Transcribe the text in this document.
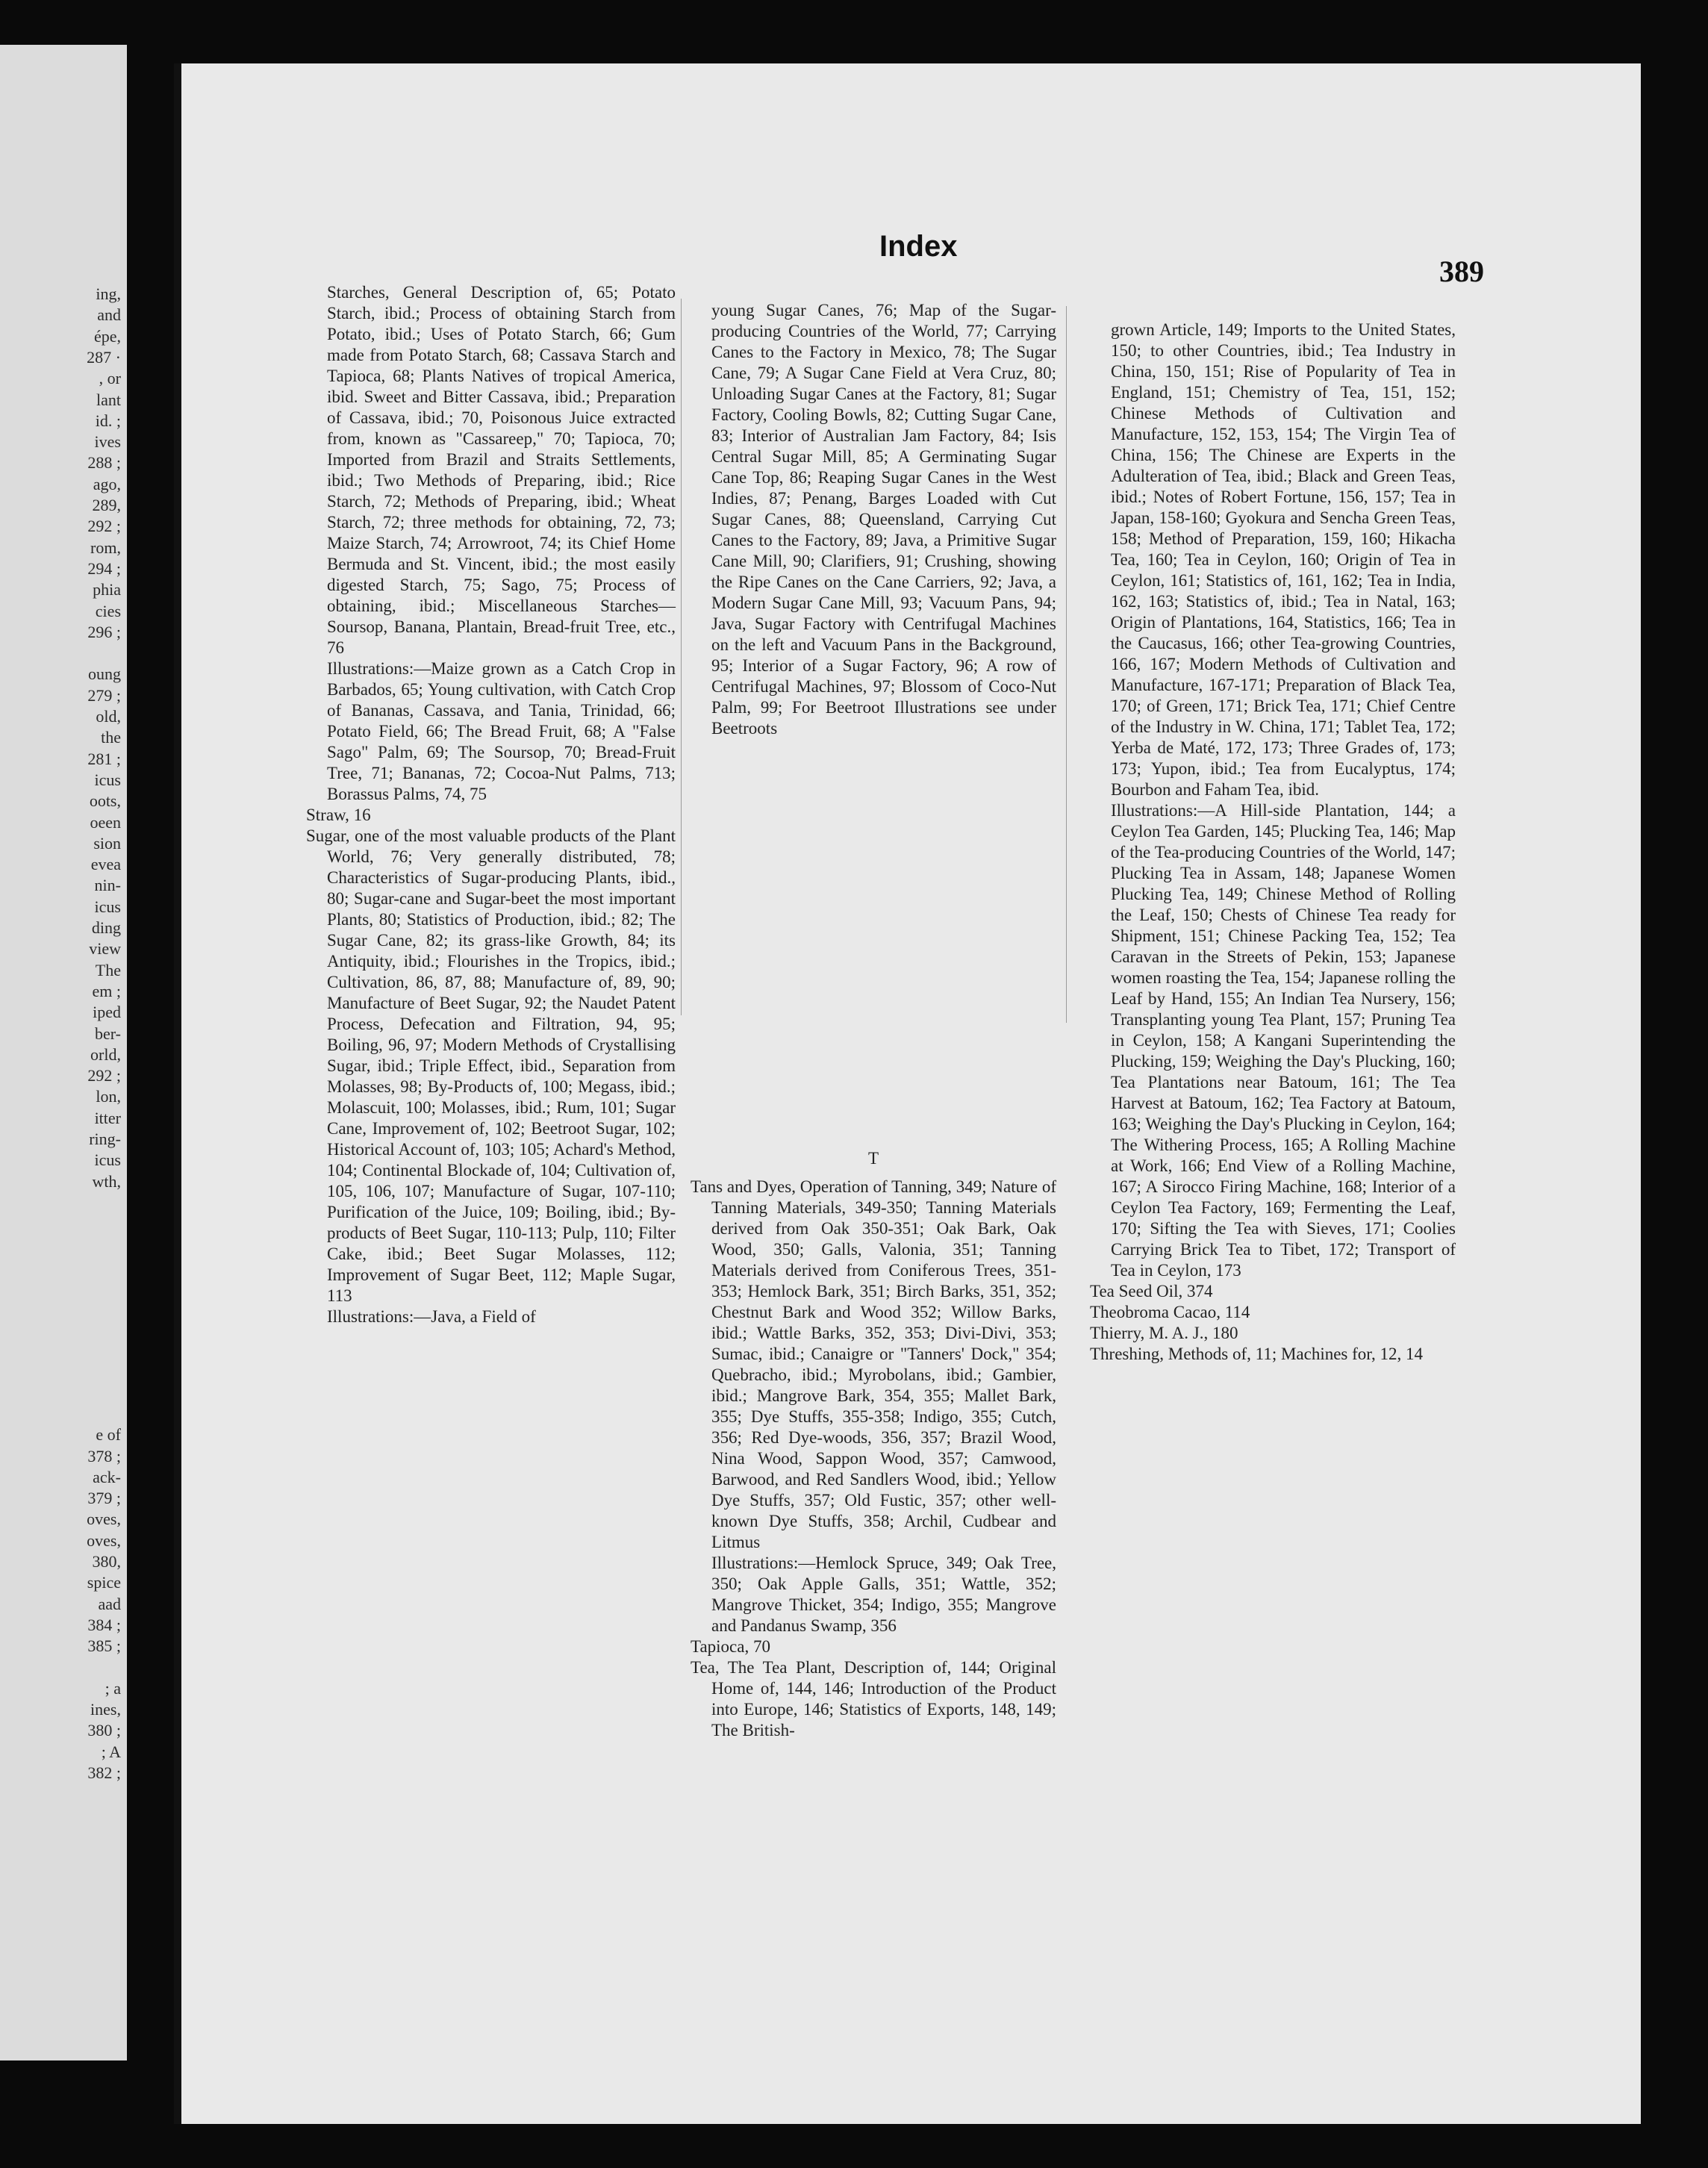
ing,
and
épe,
287 ·
, or
lant
id. ;
ives
288 ;
ago,
289,
292 ;
rom,
294 ;
phia
cies
296 ;
oung
279 ;
old,
the
281 ;
icus
oots,
oeen
sion
evea
nin-
icus
ding
view
The
em ;
iped
ber-
orld,
292 ;
lon,
itter
ring-
icus
wth,
e of
378 ;
ack-
379 ;
oves,
oves,
380,
spice
aad
384 ;
385 ;
; a
ines,
380 ;
; A
382 ;
Index
389

Starches, General Description of, 65; Potato Starch, ibid.; Process of obtaining Starch from Potato, ibid.; Uses of Potato Starch, 66; Gum made from Potato Starch, 68; Cassava Starch and Tapioca, 68; Plants Natives of tropical America, ibid. Sweet and Bitter Cassava, ibid.; Preparation of Cassava, ibid.; 70, Poisonous Juice extracted from, known as "Cassareep," 70; Tapioca, 70; Imported from Brazil and Straits Settlements, ibid.; Two Methods of Preparing, ibid.; Rice Starch, 72; Methods of Preparing, ibid.; Wheat Starch, 72; three methods for obtaining, 72, 73; Maize Starch, 74; Arrowroot, 74; its Chief Home Bermuda and St. Vincent, ibid.; the most easily digested Starch, 75; Sago, 75; Process of obtaining, ibid.; Miscellaneous Starches—Soursop, Banana, Plantain, Bread-fruit Tree, etc., 76

Illustrations:—Maize grown as a Catch Crop in Barbados, 65; Young cultivation, with Catch Crop of Bananas, Cassava, and Tania, Trinidad, 66; Potato Field, 66; The Bread Fruit, 68; A "False Sago" Palm, 69; The Soursop, 70; Bread-Fruit Tree, 71; Bananas, 72; Cocoa-Nut Palms, 713; Borassus Palms, 74, 75

Straw, 16

Sugar, one of the most valuable products of the Plant World, 76; Very generally distributed, 78; Characteristics of Sugar-producing Plants, ibid., 80; Sugar-cane and Sugar-beet the most important Plants, 80; Statistics of Production, ibid.; 82; The Sugar Cane, 82; its grass-like Growth, 84; its Antiquity, ibid.; Flourishes in the Tropics, ibid.; Cultivation, 86, 87, 88; Manufacture of, 89, 90; Manufacture of Beet Sugar, 92; the Naudet Patent Process, Defecation and Filtration, 94, 95; Boiling, 96, 97; Modern Methods of Crystallising Sugar, ibid.; Triple Effect, ibid., Separation from Molasses, 98; By-Products of, 100; Megass, ibid.; Molascuit, 100; Molasses, ibid.; Rum, 101; Sugar Cane, Improvement of, 102; Beetroot Sugar, 102; Historical Account of, 103; 105; Achard's Method, 104; Continental Blockade of, 104; Cultivation of, 105, 106, 107; Manufacture of Sugar, 107-110; Purification of the Juice, 109; Boiling, ibid.; By-products of Beet Sugar, 110-113; Pulp, 110; Filter Cake, ibid.; Beet Sugar Molasses, 112; Improvement of Sugar Beet, 112; Maple Sugar, 113

Illustrations:—Java, a Field of

young Sugar Canes, 76; Map of the Sugar-producing Countries of the World, 77; Carrying Canes to the Factory in Mexico, 78; The Sugar Cane, 79; A Sugar Cane Field at Vera Cruz, 80; Unloading Sugar Canes at the Factory, 81; Sugar Factory, Cooling Bowls, 82; Cutting Sugar Cane, 83; Interior of Australian Jam Factory, 84; Isis Central Sugar Mill, 85; A Germinating Sugar Cane Top, 86; Reaping Sugar Canes in the West Indies, 87; Penang, Barges Loaded with Cut Sugar Canes, 88; Queensland, Carrying Cut Canes to the Factory, 89; Java, a Primitive Sugar Cane Mill, 90; Clarifiers, 91; Crushing, showing the Ripe Canes on the Cane Carriers, 92; Java, a Modern Sugar Cane Mill, 93; Vacuum Pans, 94; Java, Sugar Factory with Centrifugal Machines on the left and Vacuum Pans in the Background, 95; Interior of a Sugar Factory, 96; A row of Centrifugal Machines, 97; Blossom of Coco-Nut Palm, 99; For Beetroot Illustrations see under Beetroots

T

Tans and Dyes, Operation of Tanning, 349; Nature of Tanning Materials, 349-350; Tanning Materials derived from Oak 350-351; Oak Bark, Oak Wood, 350; Galls, Valonia, 351; Tanning Materials derived from Coniferous Trees, 351-353; Hemlock Bark, 351; Birch Barks, 351, 352; Chestnut Bark and Wood 352; Willow Barks, ibid.; Wattle Barks, 352, 353; Divi-Divi, 353; Sumac, ibid.; Canaigre or "Tanners' Dock," 354; Quebracho, ibid.; Myrobolans, ibid.; Gambier, ibid.; Mangrove Bark, 354, 355; Mallet Bark, 355; Dye Stuffs, 355-358; Indigo, 355; Cutch, 356; Red Dye-woods, 356, 357; Brazil Wood, Nina Wood, Sappon Wood, 357; Camwood, Barwood, and Red Sandlers Wood, ibid.; Yellow Dye Stuffs, 357; Old Fustic, 357; other well-known Dye Stuffs, 358; Archil, Cudbear and Litmus

Illustrations:—Hemlock Spruce, 349; Oak Tree, 350; Oak Apple Galls, 351; Wattle, 352; Mangrove Thicket, 354; Indigo, 355; Mangrove and Pandanus Swamp, 356

Tapioca, 70

Tea, The Tea Plant, Description of, 144; Original Home of, 144, 146; Introduction of the Product into Europe, 146; Statistics of Exports, 148, 149; The British-

grown Article, 149; Imports to the United States, 150; to other Countries, ibid.; Tea Industry in China, 150, 151; Rise of Popularity of Tea in England, 151; Chemistry of Tea, 151, 152; Chinese Methods of Cultivation and Manufacture, 152, 153, 154; The Virgin Tea of China, 156; The Chinese are Experts in the Adulteration of Tea, ibid.; Black and Green Teas, ibid.; Notes of Robert Fortune, 156, 157; Tea in Japan, 158-160; Gyokura and Sencha Green Teas, 158; Method of Preparation, 159, 160; Hikacha Tea, 160; Tea in Ceylon, 160; Origin of Tea in Ceylon, 161; Statistics of, 161, 162; Tea in India, 162, 163; Statistics of, ibid.; Tea in Natal, 163; Origin of Plantations, 164, Statistics, 166; Tea in the Caucasus, 166; other Tea-growing Countries, 166, 167; Modern Methods of Cultivation and Manufacture, 167-171; Preparation of Black Tea, 170; of Green, 171; Brick Tea, 171; Chief Centre of the Industry in W. China, 171; Tablet Tea, 172; Yerba de Maté, 172, 173; Three Grades of, 173; 173; Yupon, ibid.; Tea from Eucalyptus, 174; Bourbon and Faham Tea, ibid.

Illustrations:—A Hill-side Plantation, 144; a Ceylon Tea Garden, 145; Plucking Tea, 146; Map of the Tea-producing Countries of the World, 147; Plucking Tea in Assam, 148; Japanese Women Plucking Tea, 149; Chinese Method of Rolling the Leaf, 150; Chests of Chinese Tea ready for Shipment, 151; Chinese Packing Tea, 152; Tea Caravan in the Streets of Pekin, 153; Japanese women roasting the Tea, 154; Japanese rolling the Leaf by Hand, 155; An Indian Tea Nursery, 156; Transplanting young Tea Plant, 157; Pruning Tea in Ceylon, 158; A Kangani Superintending the Plucking, 159; Weighing the Day's Plucking, 160; Tea Plantations near Batoum, 161; The Tea Harvest at Batoum, 162; Tea Factory at Batoum, 163; Weighing the Day's Plucking in Ceylon, 164; The Withering Process, 165; A Rolling Machine at Work, 166; End View of a Rolling Machine, 167; A Sirocco Firing Machine, 168; Interior of a Ceylon Tea Factory, 169; Fermenting the Leaf, 170; Sifting the Tea with Sieves, 171; Coolies Carrying Brick Tea to Tibet, 172; Transport of Tea in Ceylon, 173

Tea Seed Oil, 374

Theobroma Cacao, 114

Thierry, M. A. J., 180

Threshing, Methods of, 11; Machines for, 12, 14
